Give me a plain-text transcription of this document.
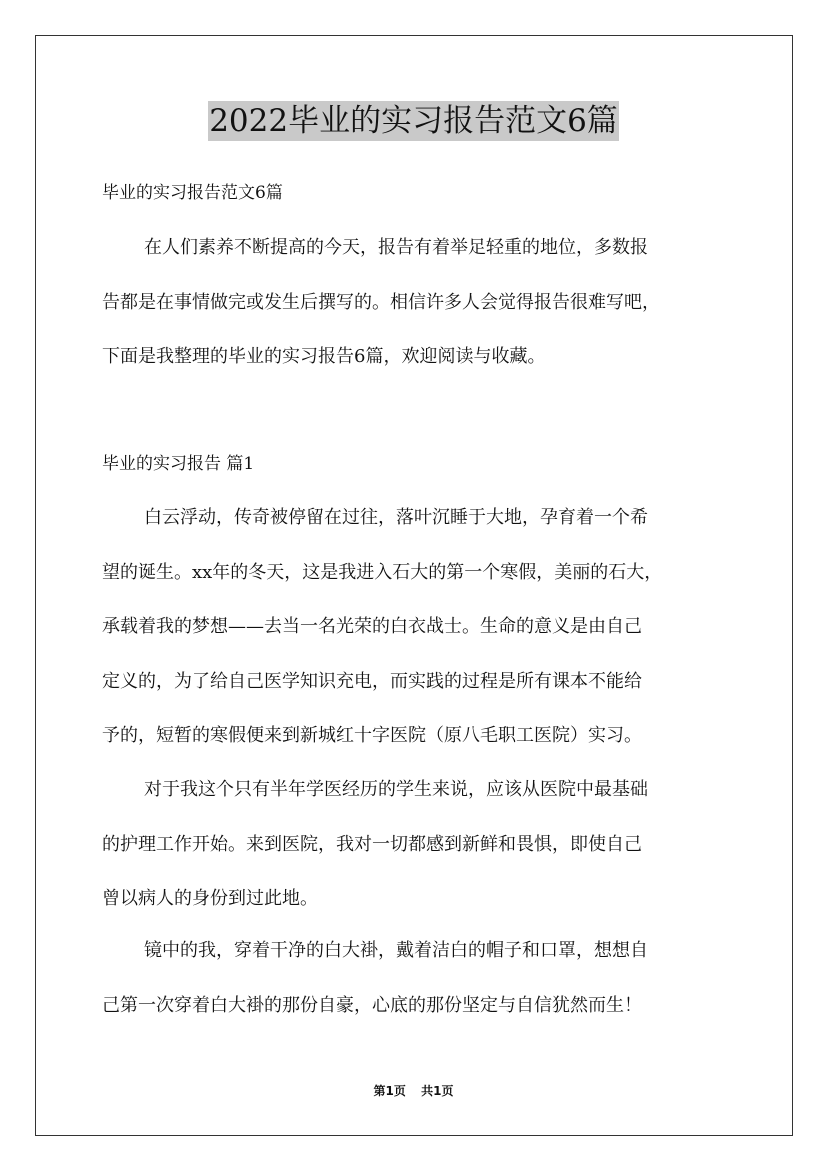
2022毕业的实习报告范文6篇
毕业的实习报告范文6篇
在人们素养不断提高的今天，报告有着举足轻重的地位，多数报
告都是在事情做完或发生后撰写的。相信许多人会觉得报告很难写吧，
下面是我整理的毕业的实习报告6篇，欢迎阅读与收藏。
毕业的实习报告 篇1
白云浮动，传奇被停留在过往，落叶沉睡于大地，孕育着一个希
望的诞生。xx年的冬天，这是我进入石大的第一个寒假，美丽的石大，
承载着我的梦想——去当一名光荣的白衣战士。生命的意义是由自己
定义的，为了给自己医学知识充电，而实践的过程是所有课本不能给
予的，短暂的寒假便来到新城红十字医院（原八毛职工医院）实习。
对于我这个只有半年学医经历的学生来说，应该从医院中最基础
的护理工作开始。来到医院，我对一切都感到新鲜和畏惧，即使自己
曾以病人的身份到过此地。
镜中的我，穿着干净的白大褂，戴着洁白的帽子和口罩，想想自
己第一次穿着白大褂的那份自豪，心底的那份坚定与自信犹然而生！
第1页 共1页
